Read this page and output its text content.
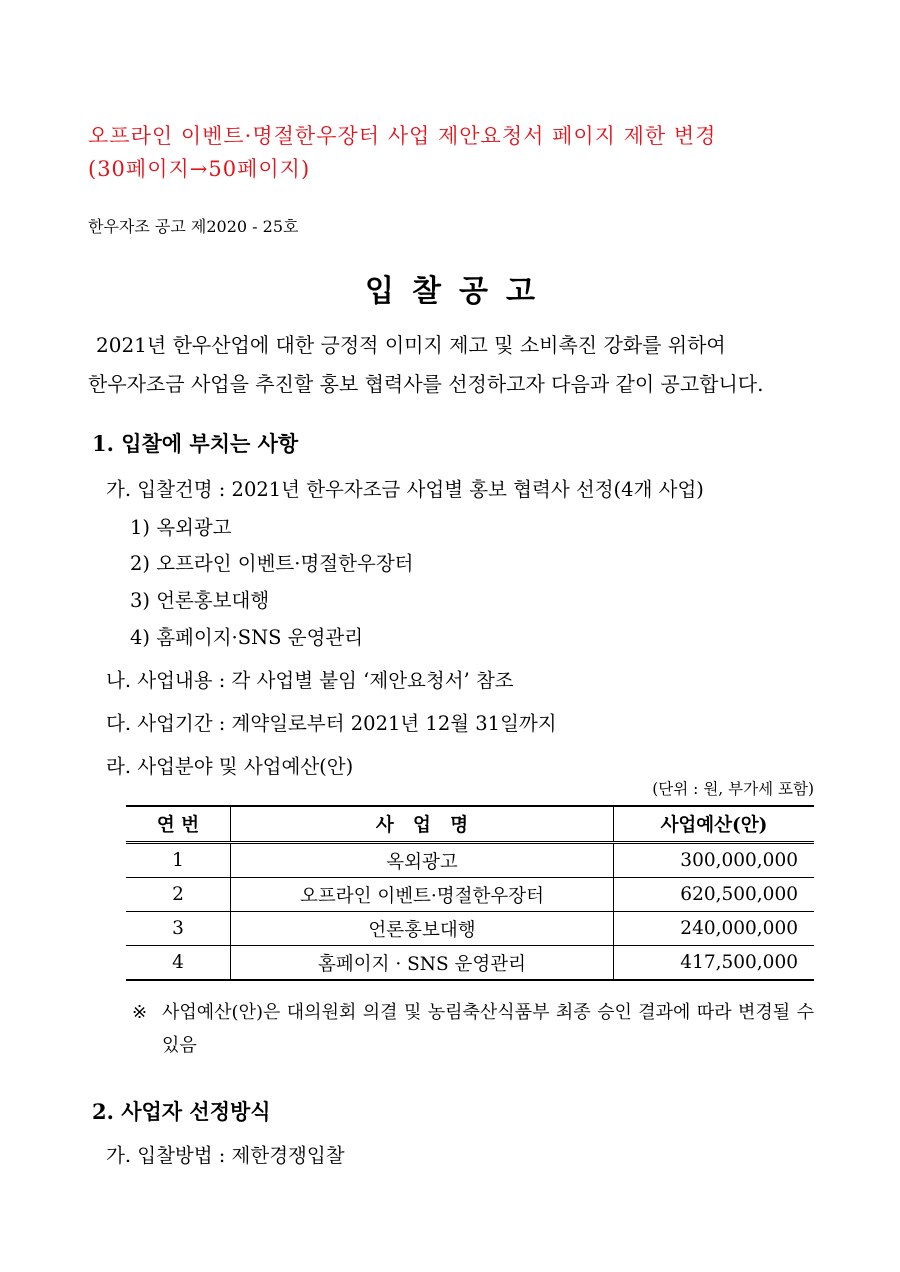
오프라인 이벤트·명절한우장터 사업 제안요청서 페이지 제한 변경
(30페이지→50페이지)
한우자조 공고 제2020 - 25호
입찰공고
2021년 한우산업에 대한 긍정적 이미지 제고 및 소비촉진 강화를 위하여
한우자조금 사업을 추진할 홍보 협력사를 선정하고자 다음과 같이 공고합니다.
1. 입찰에 부치는 사항
가. 입찰건명 : 2021년 한우자조금 사업별 홍보 협력사 선정(4개 사업)
1) 옥외광고
2) 오프라인 이벤트·명절한우장터
3) 언론홍보대행
4) 홈페이지·SNS 운영관리
나. 사업내용 : 각 사업별 붙임 ‘제안요청서’ 참조
다. 사업기간 : 계약일로부터 2021년 12월 31일까지
라. 사업분야 및 사업예산(안)
(단위 : 원, 부가세 포함)
연 번	사   업   명	사업예산(안)
1	옥외광고	300,000,000
2	오프라인 이벤트·명절한우장터	620,500,000
3	언론홍보대행	240,000,000
4	홈페이지 · SNS 운영관리	417,500,000
※ 사업예산(안)은 대의원회 의결 및 농림축산식품부 최종 승인 결과에 따라 변경될 수 있음
2. 사업자 선정방식
가. 입찰방법 : 제한경쟁입찰
